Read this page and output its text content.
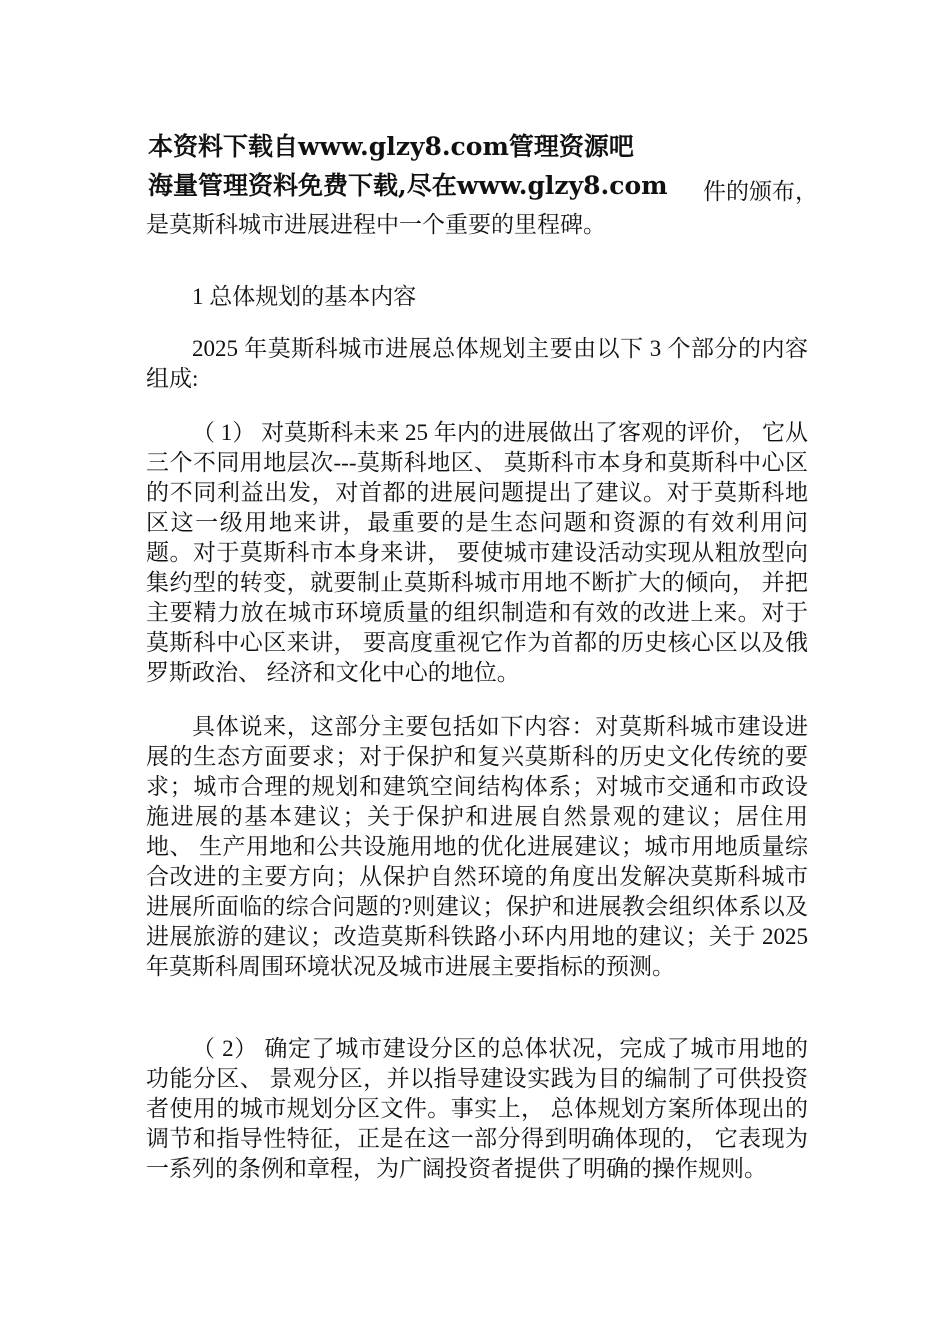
本资料下载自www.glzy8.com管理资源吧
海量管理资料免费下载,尽在www.glzy8.com 件的颁布，
是莫斯科城市进展进程中一个重要的里程碑。
1 总体规划的基本内容

2025 年莫斯科城市进展总体规划主要由以下 3 个部分的内容组成:

（ 1） 对莫斯科未来 25 年内的进展做出了客观的评价， 它从三个不同用地层次---莫斯科地区、 莫斯科市本身和莫斯科中心区的不同利益出发，对首都的进展问题提出了建议。对于莫斯科地区这一级用地来讲，最重要的是生态问题和资源的有效利用问题。对于莫斯科市本身来讲， 要使城市建设活动实现从粗放型向集约型的转变，就要制止莫斯科城市用地不断扩大的倾向， 并把主要精力放在城市环境质量的组织制造和有效的改进上来。对于莫斯科中心区来讲， 要高度重视它作为首都的历史核心区以及俄罗斯政治、 经济和文化中心的地位。

具体说来，这部分主要包括如下内容：对莫斯科城市建设进展的生态方面要求；对于保护和复兴莫斯科的历史文化传统的要求；城市合理的规划和建筑空间结构体系；对城市交通和市政设施进展的基本建议；关于保护和进展自然景观的建议；居住用地、 生产用地和公共设施用地的优化进展建议；城市用地质量综合改进的主要方向；从保护自然环境的角度出发解决莫斯科城市进展所面临的综合问题的?则建议；保护和进展教会组织体系以及进展旅游的建议；改造莫斯科铁路小环内用地的建议；关于 2025 年莫斯科周围环境状况及城市进展主要指标的预测。

（ 2） 确定了城市建设分区的总体状况，完成了城市用地的功能分区、 景观分区，并以指导建设实践为目的编制了可供投资者使用的城市规划分区文件。事实上， 总体规划方案所体现出的调节和指导性特征，正是在这一部分得到明确体现的， 它表现为一系列的条例和章程，为广阔投资者提供了明确的操作规则。
